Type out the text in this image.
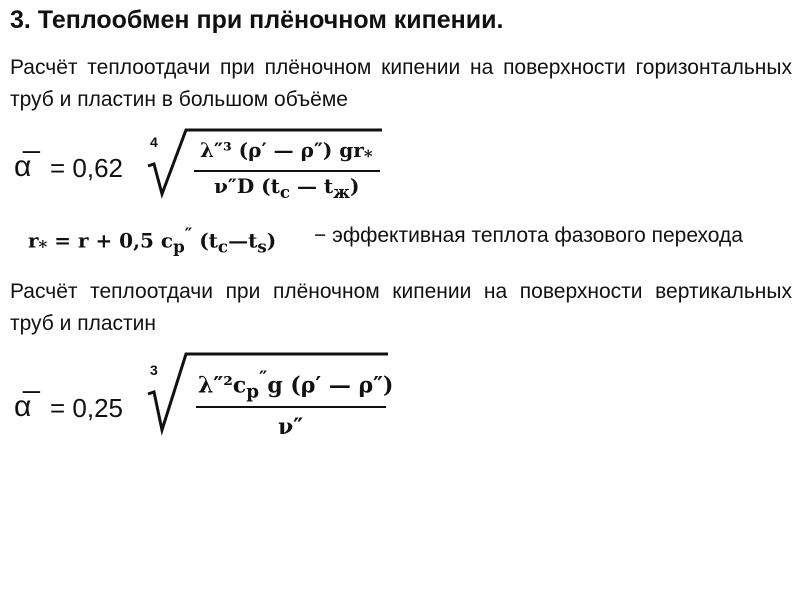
3. Теплообмен при плёночном кипении.
Расчёт теплоотдачи при плёночном кипении на поверхности горизонтальных труб и пластин в большом объёме
α̅ = 0,62
4 λ″³ (ρ′ — ρ″) $gr_*$
ν″D ($t_с$ — $t_ж$)
$r_* = r + 0,5$ $c_p''$ $(t_с—t_s)$ − эффективная теплота фазового перехода
Расчёт теплоотдачи при плёночном кипении на поверхности вертикальных труб и пластин
α̅ = 0,25
3
$\lambda''^2c_p''g$ (ρ′ — ρ″)
ν″
